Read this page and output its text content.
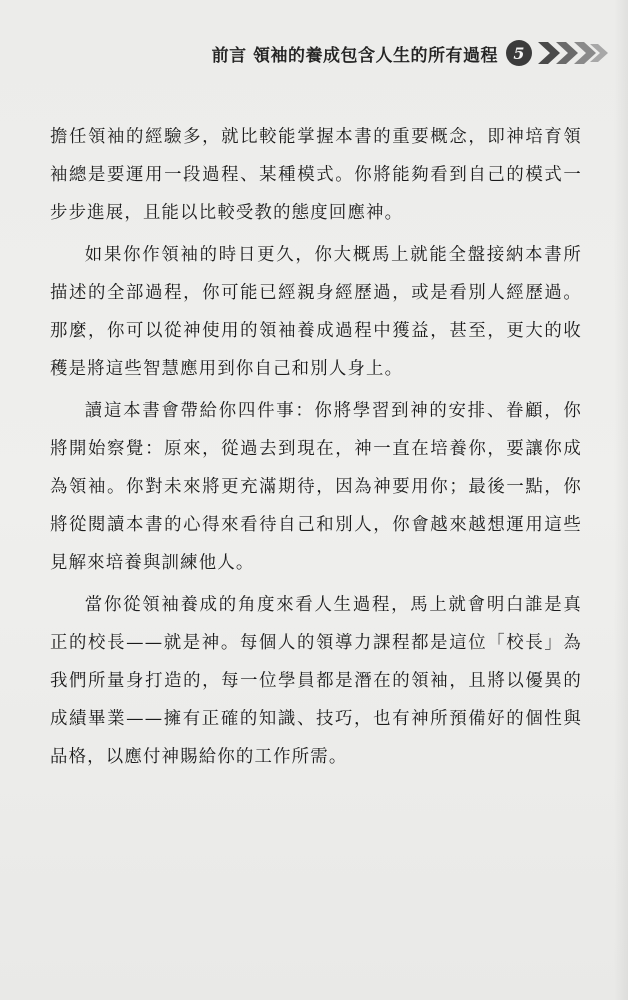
前言 領袖的養成包含人生的所有過程 5

擔任領袖的經驗多，就比較能掌握本書的重要概念，即神培育領袖總是要運用一段過程、某種模式。你將能夠看到自己的模式一步步進展，且能以比較受教的態度回應神。

如果你作領袖的時日更久，你大概馬上就能全盤接納本書所描述的全部過程，你可能已經親身經歷過，或是看別人經歷過。那麼，你可以從神使用的領袖養成過程中獲益，甚至，更大的收穫是將這些智慧應用到你自己和別人身上。

讀這本書會帶給你四件事：你將學習到神的安排、眷顧，你將開始察覺：原來，從過去到現在，神一直在培養你，要讓你成為領袖。你對未來將更充滿期待，因為神要用你；最後一點，你將從閱讀本書的心得來看待自己和別人，你會越來越想運用這些見解來培養與訓練他人。

當你從領袖養成的角度來看人生過程，馬上就會明白誰是真正的校長——就是神。每個人的領導力課程都是這位「校長」為我們所量身打造的，每一位學員都是潛在的領袖，且將以優異的成績畢業——擁有正確的知識、技巧，也有神所預備好的個性與品格，以應付神賜給你的工作所需。
